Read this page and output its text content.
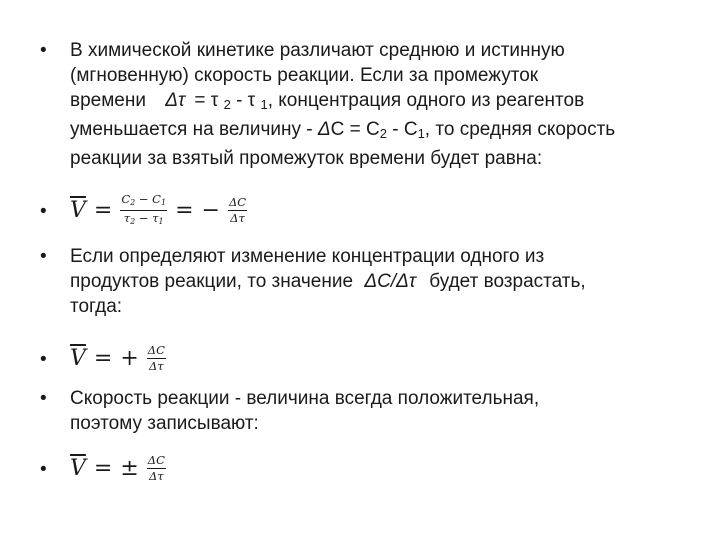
•	В химической кинетике различают среднюю и истинную
(мгновенную) скорость реакции. Если за промежуток
времени Δτ = τ $_2$ - τ $_1$, концентрация одного из реагентов
уменьшается на величину - $\Delta C = C_2 - C_1$, то средняя скорость
реакции за взятый промежуток времени будет равна:
•	$\overline{V} = \frac{C2 - C1}{\tau 2 - \tau 1}$ = − $\frac{\Delta C}{\Delta\tau}$
•	Если определяют изменение концентрации одного из
продуктов реакции, то значение ΔC/Δτ будет возрастать,
тогда:
•	$\overline{V}$ = + $\frac{\Delta C}{\Delta\tau}$
•	Скорость реакции - величина всегда положительная,
поэтому записывают:
•	$\overline{V}$ = ± $\frac{\Delta C}{\Delta\tau}$
